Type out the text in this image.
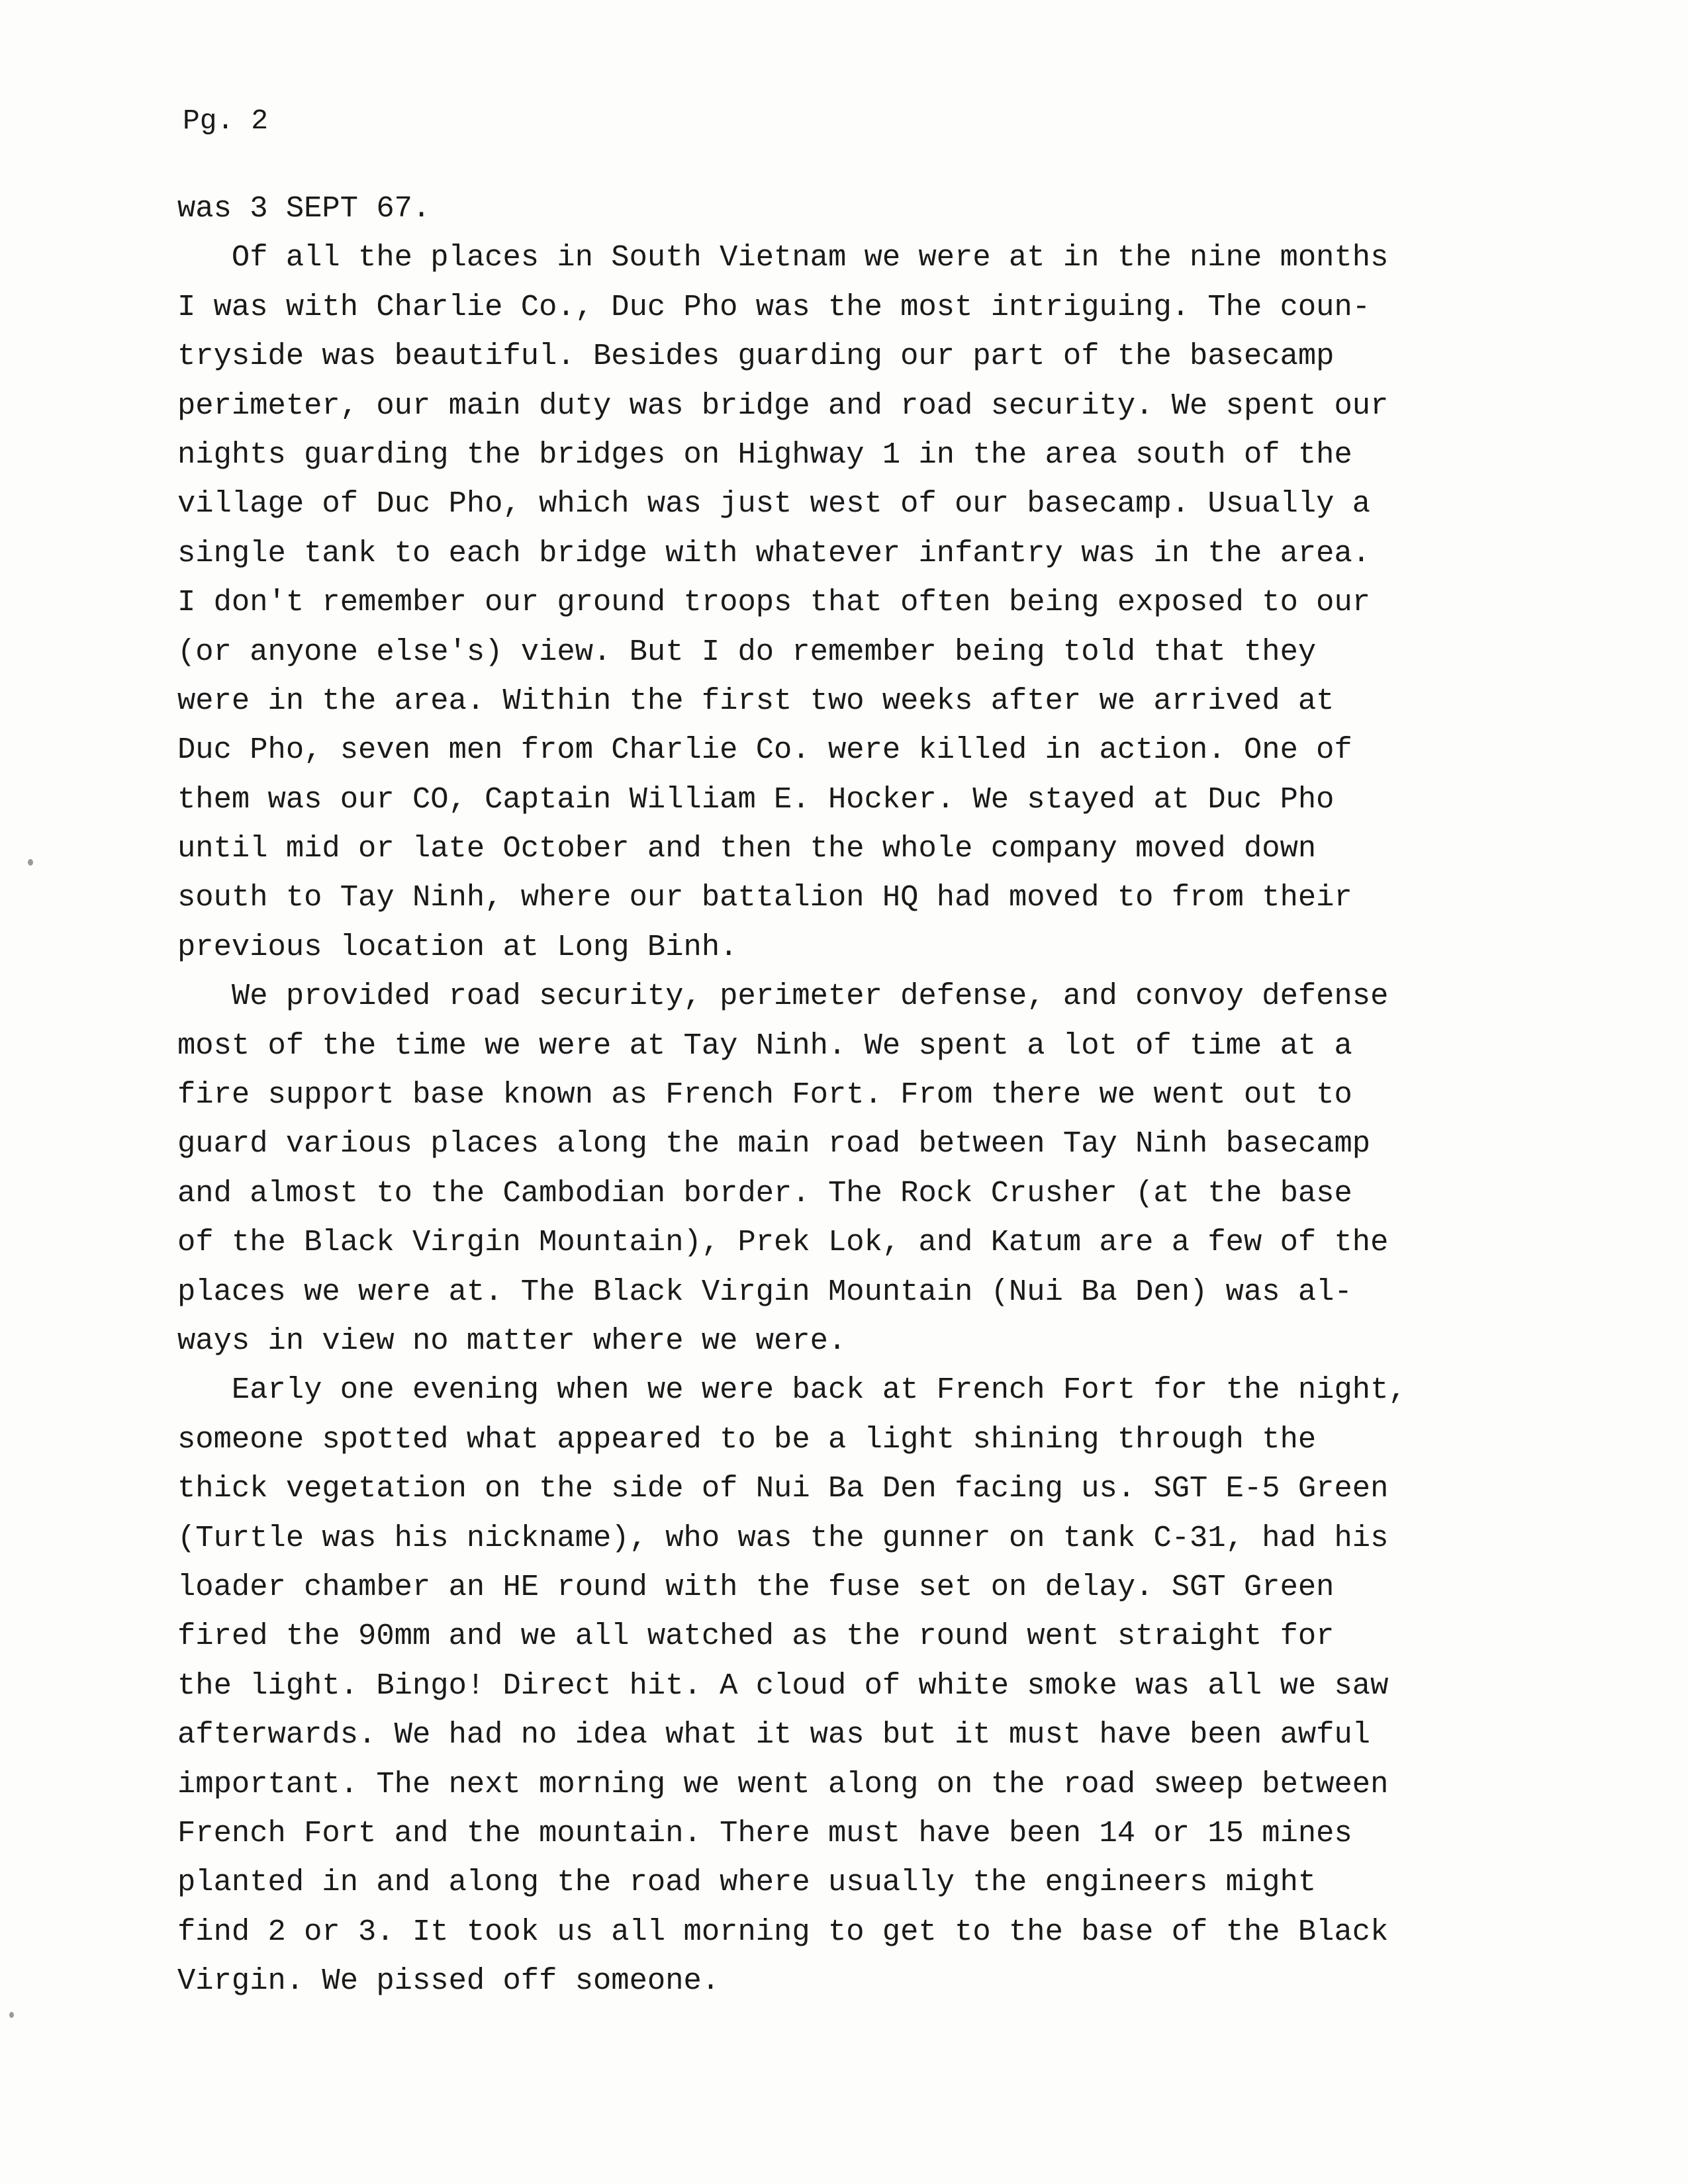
Pg. 2
was 3 SEPT 67.
Of all the places in South Vietnam we were at in the nine months
I was with Charlie Co., Duc Pho was the most intriguing. The coun-
tryside was beautiful. Besides guarding our part of the basecamp
perimeter, our main duty was bridge and road security. We spent our
nights guarding the bridges on Highway 1 in the area south of the
village of Duc Pho, which was just west of our basecamp. Usually a
single tank to each bridge with whatever infantry was in the area.
I don't remember our ground troops that often being exposed to our
(or anyone else's) view. But I do remember being told that they
were in the area. Within the first two weeks after we arrived at
Duc Pho, seven men from Charlie Co. were killed in action. One of
them was our CO, Captain William E. Hocker. We stayed at Duc Pho
until mid or late October and then the whole company moved down
south to Tay Ninh, where our battalion HQ had moved to from their
previous location at Long Binh.
We provided road security, perimeter defense, and convoy defense
most of the time we were at Tay Ninh. We spent a lot of time at a
fire support base known as French Fort. From there we went out to
guard various places along the main road between Tay Ninh basecamp
and almost to the Cambodian border. The Rock Crusher (at the base
of the Black Virgin Mountain), Prek Lok, and Katum are a few of the
places we were at. The Black Virgin Mountain (Nui Ba Den) was al-
ways in view no matter where we were.
Early one evening when we were back at French Fort for the night,
someone spotted what appeared to be a light shining through the
thick vegetation on the side of Nui Ba Den facing us. SGT E-5 Green
(Turtle was his nickname), who was the gunner on tank C-31, had his
loader chamber an HE round with the fuse set on delay. SGT Green
fired the 90mm and we all watched as the round went straight for
the light. Bingo! Direct hit. A cloud of white smoke was all we saw
afterwards. We had no idea what it was but it must have been awful
important. The next morning we went along on the road sweep between
French Fort and the mountain. There must have been 14 or 15 mines
planted in and along the road where usually the engineers might
find 2 or 3. It took us all morning to get to the base of the Black
Virgin. We pissed off someone.
